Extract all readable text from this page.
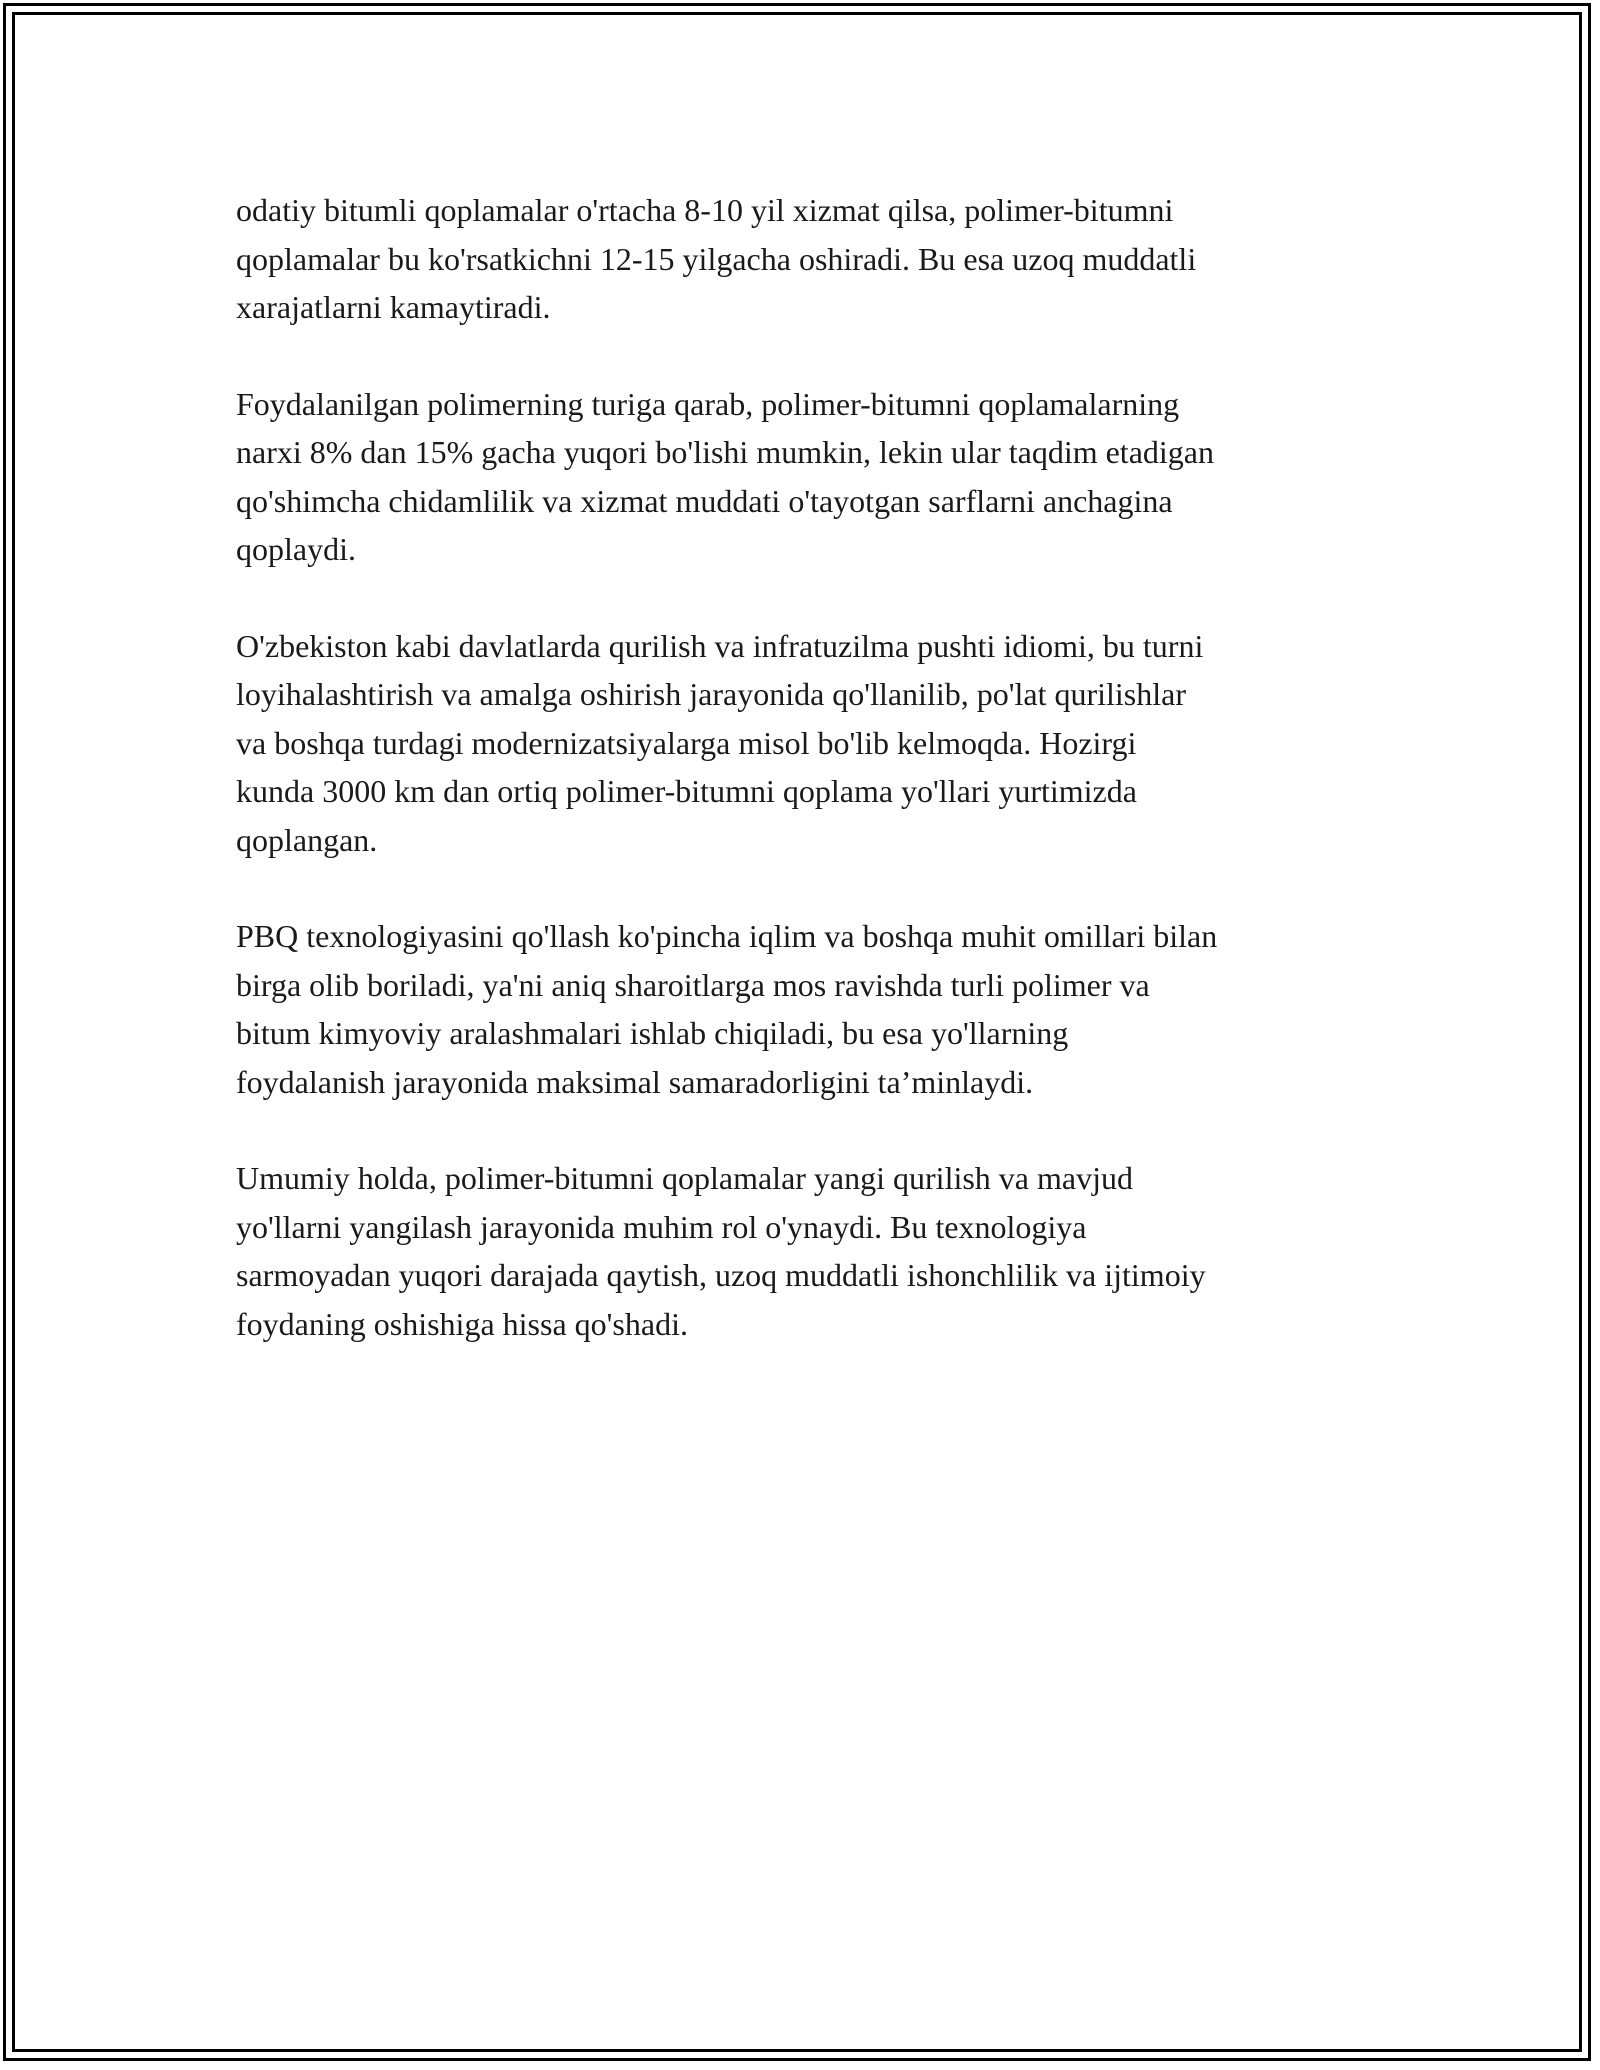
odatiy bitumli qoplamalar o'rtacha 8-10 yil xizmat qilsa, polimer-bitumni
qoplamalar bu ko'rsatkichni 12-15 yilgacha oshiradi. Bu esa uzoq muddatli
xarajatlarni kamaytiradi.

Foydalanilgan polimerning turiga qarab, polimer-bitumni qoplamalarning
narxi 8% dan 15% gacha yuqori bo'lishi mumkin, lekin ular taqdim etadigan
qo'shimcha chidamlilik va xizmat muddati o'tayotgan sarflarni anchagina
qoplaydi.

O'zbekiston kabi davlatlarda qurilish va infratuzilma pushti idiomi, bu turni
loyihalashtirish va amalga oshirish jarayonida qo'llanilib, po'lat qurilishlar
va boshqa turdagi modernizatsiyalarga misol bo'lib kelmoqda. Hozirgi
kunda 3000 km dan ortiq polimer-bitumni qoplama yo'llari yurtimizda
qoplangan.

PBQ texnologiyasini qo'llash ko'pincha iqlim va boshqa muhit omillari bilan
birga olib boriladi, ya'ni aniq sharoitlarga mos ravishda turli polimer va
bitum kimyoviy aralashmalari ishlab chiqiladi, bu esa yo'llarning
foydalanish jarayonida maksimal samaradorligini ta’minlaydi.

Umumiy holda, polimer-bitumni qoplamalar yangi qurilish va mavjud
yo'llarni yangilash jarayonida muhim rol o'ynaydi. Bu texnologiya
sarmoyadan yuqori darajada qaytish, uzoq muddatli ishonchlilik va ijtimoiy
foydaning oshishiga hissa qo'shadi.
